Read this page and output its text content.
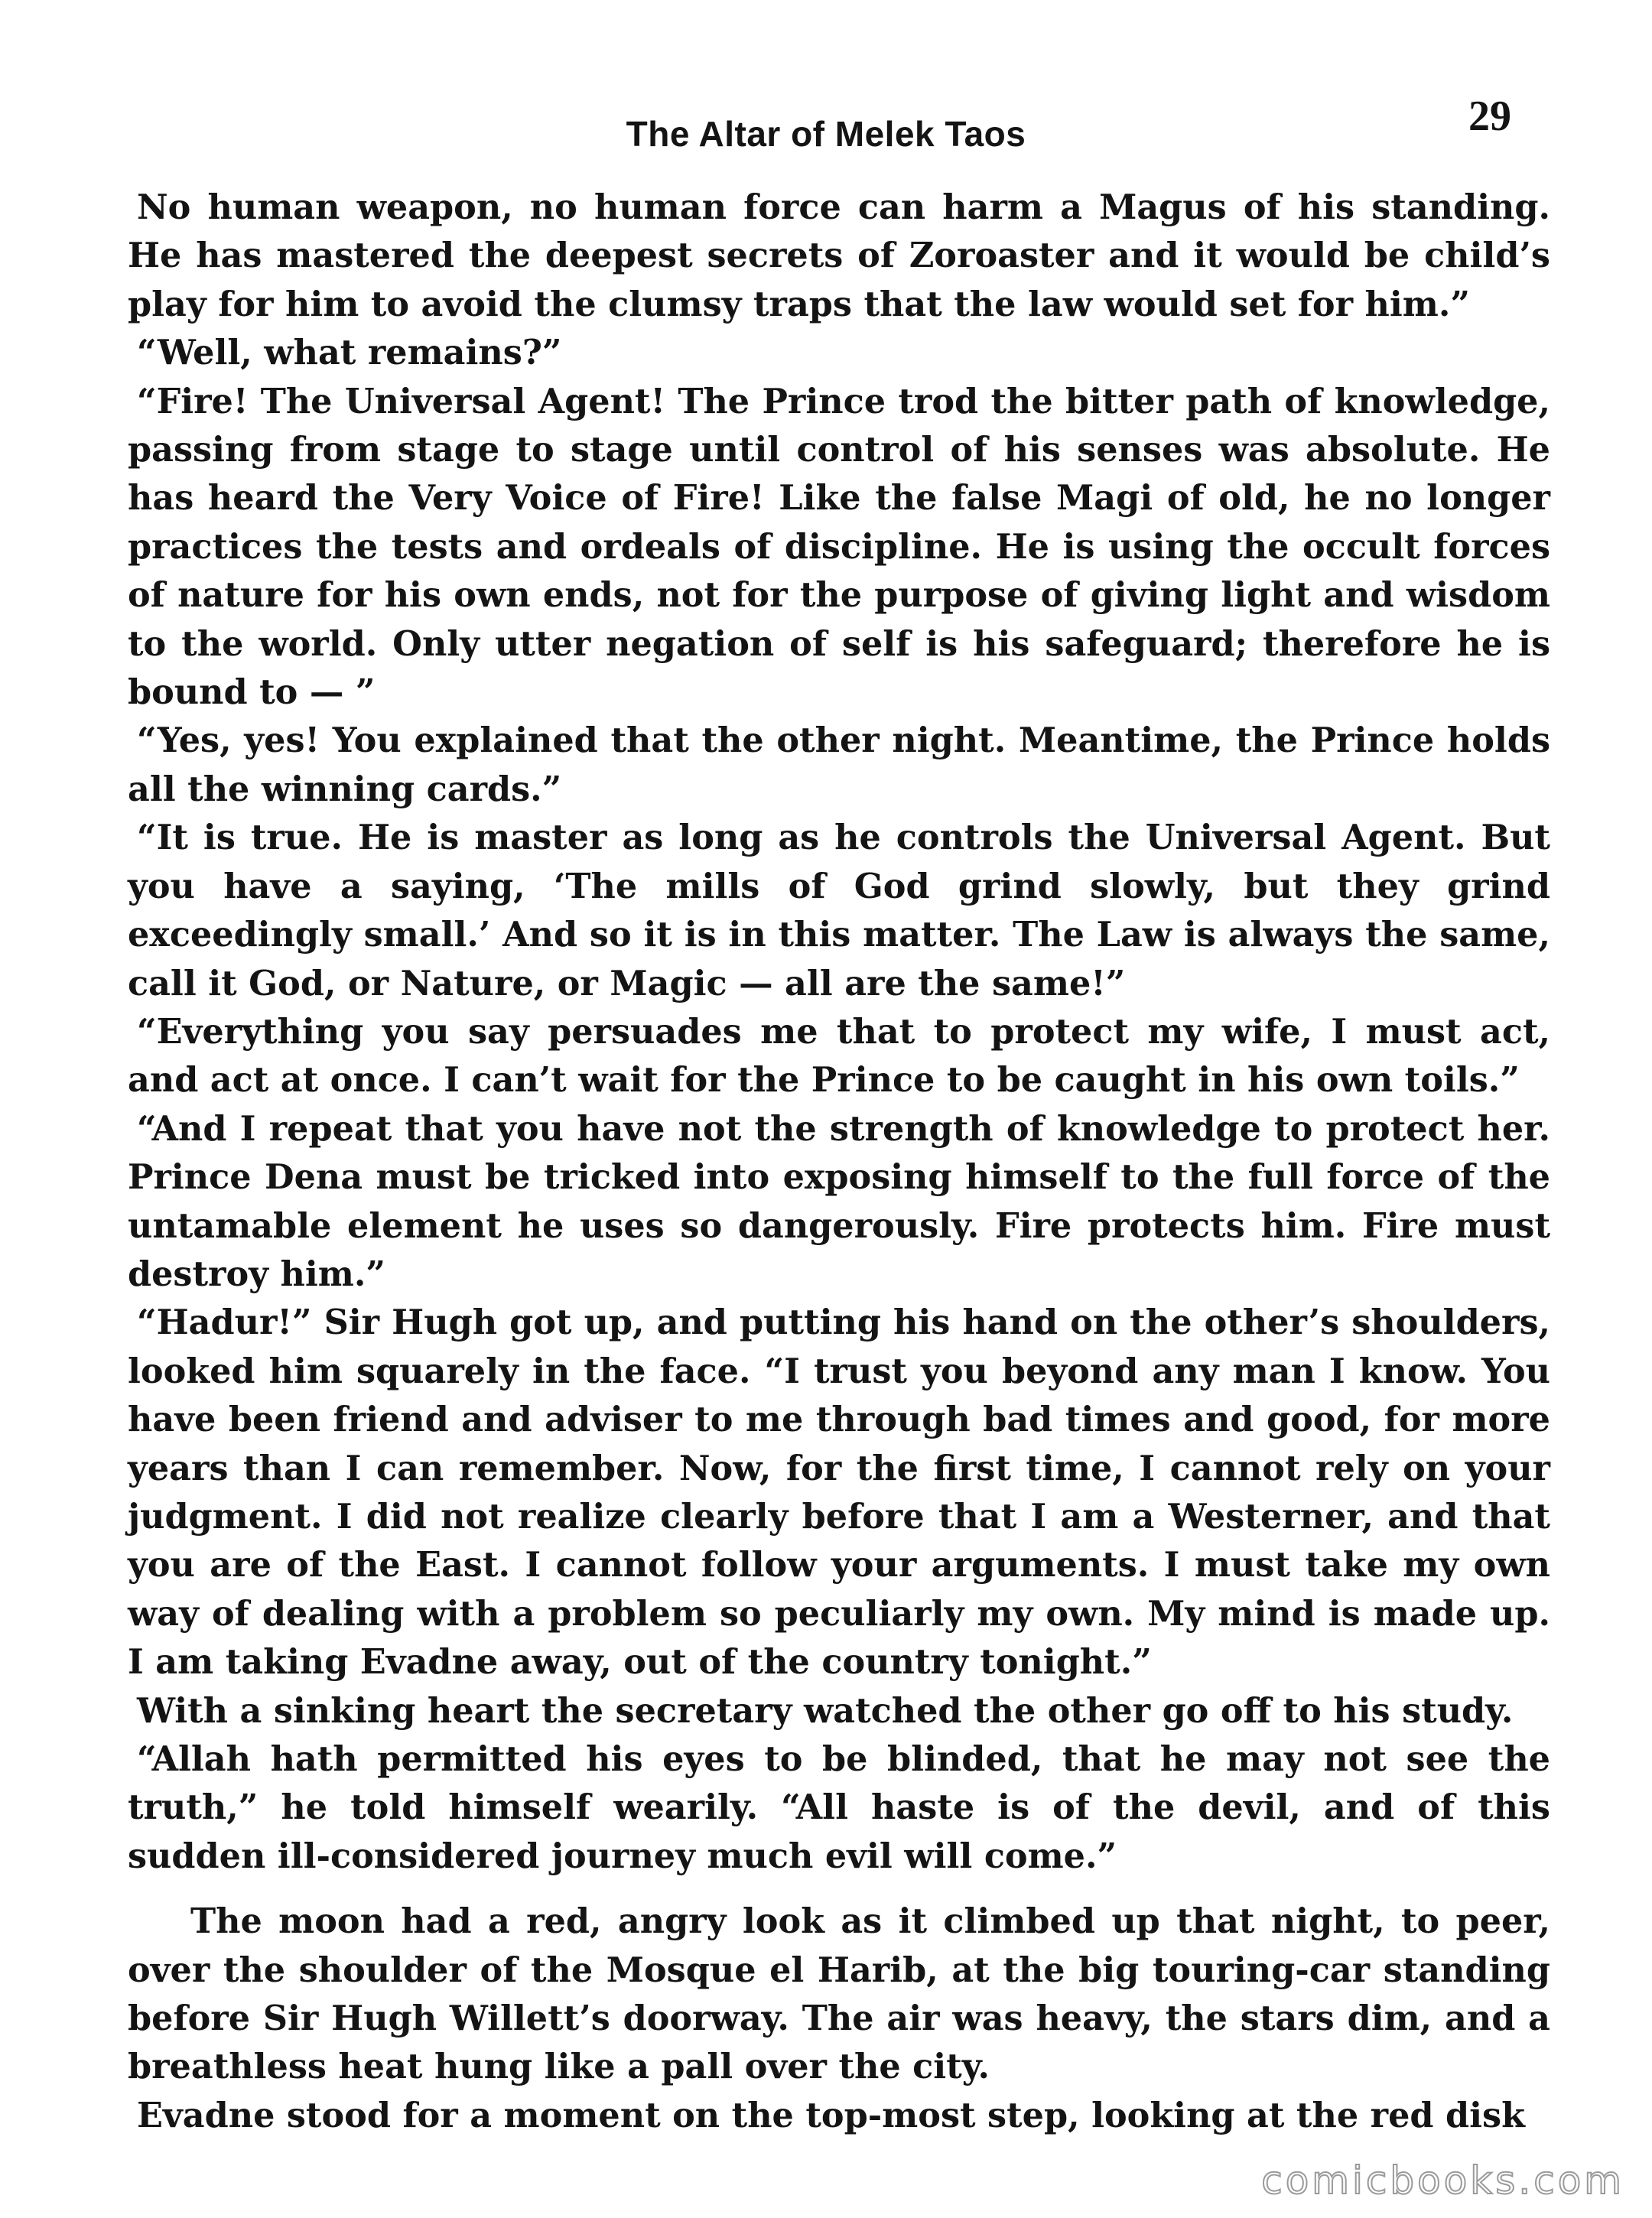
The Altar of Melek Taos	29

No human weapon, no human force can harm a Magus of his standing. He has mastered the deepest secrets of Zoroaster and it would be child’s play for him to avoid the clumsy traps that the law would set for him.”

“Well, what remains?”

“Fire! The Universal Agent! The Prince trod the bitter path of knowledge, passing from stage to stage until control of his senses was absolute. He has heard the Very Voice of Fire! Like the false Magi of old, he no longer practices the tests and ordeals of discipline. He is using the occult forces of nature for his own ends, not for the purpose of giving light and wisdom to the world. Only utter negation of self is his safeguard; therefore he is bound to — ”

“Yes, yes! You explained that the other night. Meantime, the Prince holds all the winning cards.”

“It is true. He is master as long as he controls the Universal Agent. But you have a saying, ‘The mills of God grind slowly, but they grind exceedingly small.’ And so it is in this matter. The Law is always the same, call it God, or Nature, or Magic — all are the same!”

“Everything you say persuades me that to protect my wife, I must act, and act at once. I can’t wait for the Prince to be caught in his own toils.”

“And I repeat that you have not the strength of knowledge to protect her. Prince Dena must be tricked into exposing himself to the full force of the untamable element he uses so dangerously. Fire protects him. Fire must destroy him.”

“Hadur!” Sir Hugh got up, and putting his hand on the other’s shoulders, looked him squarely in the face. “I trust you beyond any man I know. You have been friend and adviser to me through bad times and good, for more years than I can remember. Now, for the first time, I cannot rely on your judgment. I did not realize clearly before that I am a Westerner, and that you are of the East. I cannot follow your arguments. I must take my own way of dealing with a problem so peculiarly my own. My mind is made up. I am taking Evadne away, out of the country tonight.”

With a sinking heart the secretary watched the other go off to his study.

“Allah hath permitted his eyes to be blinded, that he may not see the truth,” he told himself wearily. “All haste is of the devil, and of this sudden ill-considered journey much evil will come.”

The moon had a red, angry look as it climbed up that night, to peer, over the shoulder of the Mosque el Harib, at the big touring-car standing before Sir Hugh Willett’s doorway. The air was heavy, the stars dim, and a breathless heat hung like a pall over the city.

Evadne stood for a moment on the top-most step, looking at the red disk

comicbooks.com
